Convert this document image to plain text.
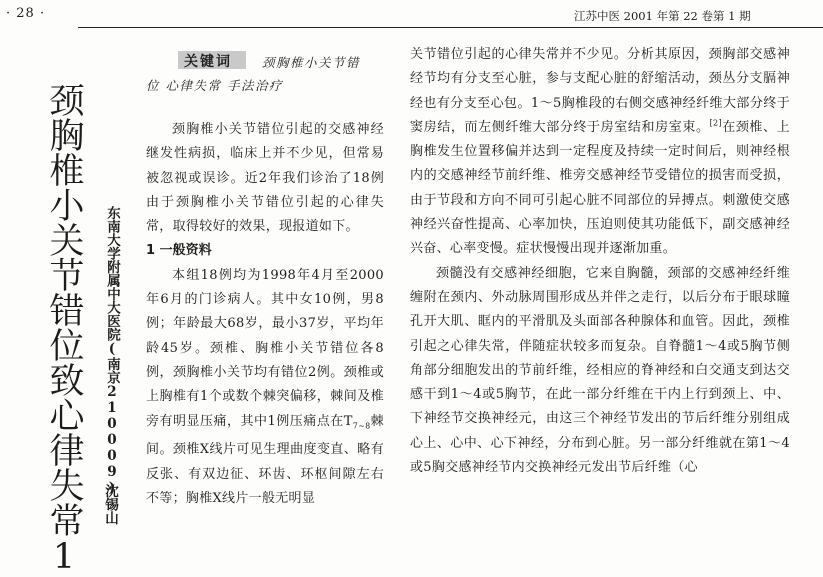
· 28 ·	江苏中医 2001 年第 22 卷第 1 期
颈胸椎小关节错位致心律失常1	东南大学附属中大医院(南京210009)
沈锡山
关键词 颈胸椎小关节错
位 心律失常 手法治疗

颈胸椎小关节错位引起的交感神经继发性病损，临床上并不少见，但常易被忽视或误诊。近2年我们诊治了18例由于颈胸椎小关节错位引起的心律失常，取得较好的效果，现报道如下。

1 一般资料

本组18例均为1998年4月至2000年6月的门诊病人。其中女10例，男8例；年龄最大68岁，最小37岁，平均年龄45岁。颈椎、胸椎小关节错位各8例，颈胸椎小关节均有错位2例。颈椎或上胸椎有1个或数个棘突偏移，棘间及椎旁有明显压痛，其中1例压痛点在$T_{7\sim 8}$棘间。颈椎X线片可见生理曲度变直、略有反张、有双边征、环齿、环枢间隙左右不等；胸椎X线片一般无明显

关节错位引起的心律失常并不少见。分析其原因，颈胸部交感神经节均有分支至心脏，参与支配心脏的舒缩活动，颈丛分支膈神经也有分支至心包。1～5胸椎段的右侧交感神经纤维大部分终于窦房结，而左侧纤维大部分终于房室结和房室束。[2]在颈椎、上胸椎发生位置移偏并达到一定程度及持续一定时间后，则神经根内的交感神经节前纤维、椎旁交感神经节受错位的损害而受损，由于节段和方向不同可引起心脏不同部位的异搏点。刺激使交感神经兴奋性提高、心率加快，压迫则使其功能低下，副交感神经兴奋、心率变慢。症状慢慢出现并逐渐加重。

颈髓没有交感神经细胞，它来自胸髓，颈部的交感神经纤维缠附在颈内、外动脉周围形成丛并伴之走行，以后分布于眼球瞳孔开大肌、眶内的平滑肌及头面部各种腺体和血管。因此，颈椎引起之心律失常，伴随症状较多而复杂。自脊髓1～4或5胸节侧角部分细胞发出的节前纤维，经相应的脊神经和白交通支到达交感干到1～4或5胸节，在此一部分纤维在干内上行到颈上、中、下神经节交换神经元，由这三个神经节发出的节后纤维分别组成心上、心中、心下神经，分布到心脏。另一部分纤维就在第1～4或5胸交感神经节内交换神经元发出节后纤维（心
